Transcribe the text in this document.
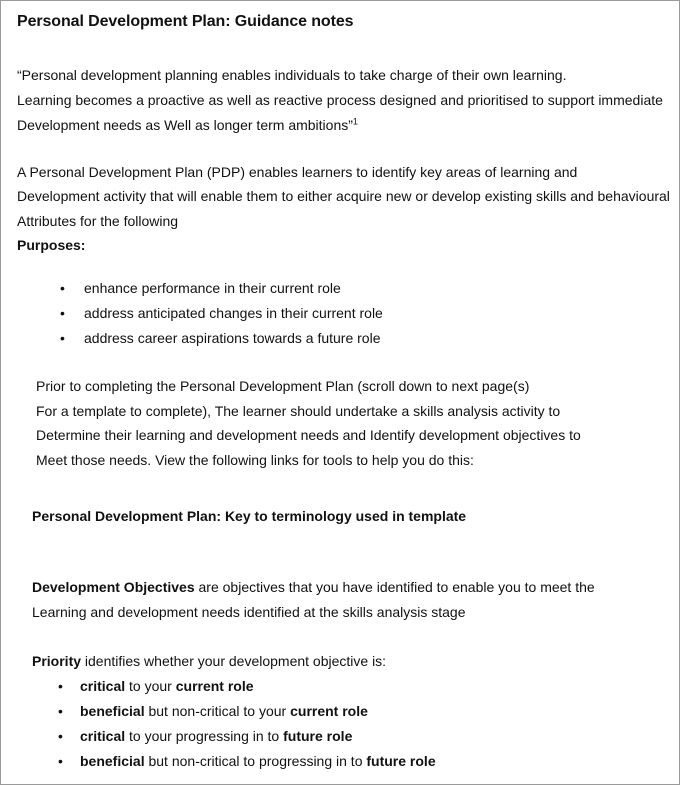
Personal Development Plan: Guidance notes
“Personal development planning enables individuals to take charge of their own learning.
Learning becomes a proactive as well as reactive process designed and prioritised to support immediate
Development needs as Well as longer term ambitions”$^1$
A Personal Development Plan (PDP) enables learners to identify key areas of learning and
Development activity that will enable them to either acquire new or develop existing skills and behavioural
Attributes for the following
Purposes:
• enhance performance in their current role
• address anticipated changes in their current role
• address career aspirations towards a future role
Prior to completing the Personal Development Plan (scroll down to next page(s)
For a template to complete), The learner should undertake a skills analysis activity to
Determine their learning and development needs and Identify development objectives to
Meet those needs. View the following links for tools to help you do this:
Personal Development Plan: Key to terminology used in template
Development Objectives are objectives that you have identified to enable you to meet the
Learning and development needs identified at the skills analysis stage
Priority identifies whether your development objective is:
• critical to your current role
• beneficial but non-critical to your current role
• critical to your progressing in to future role
• beneficial but non-critical to progressing in to future role
